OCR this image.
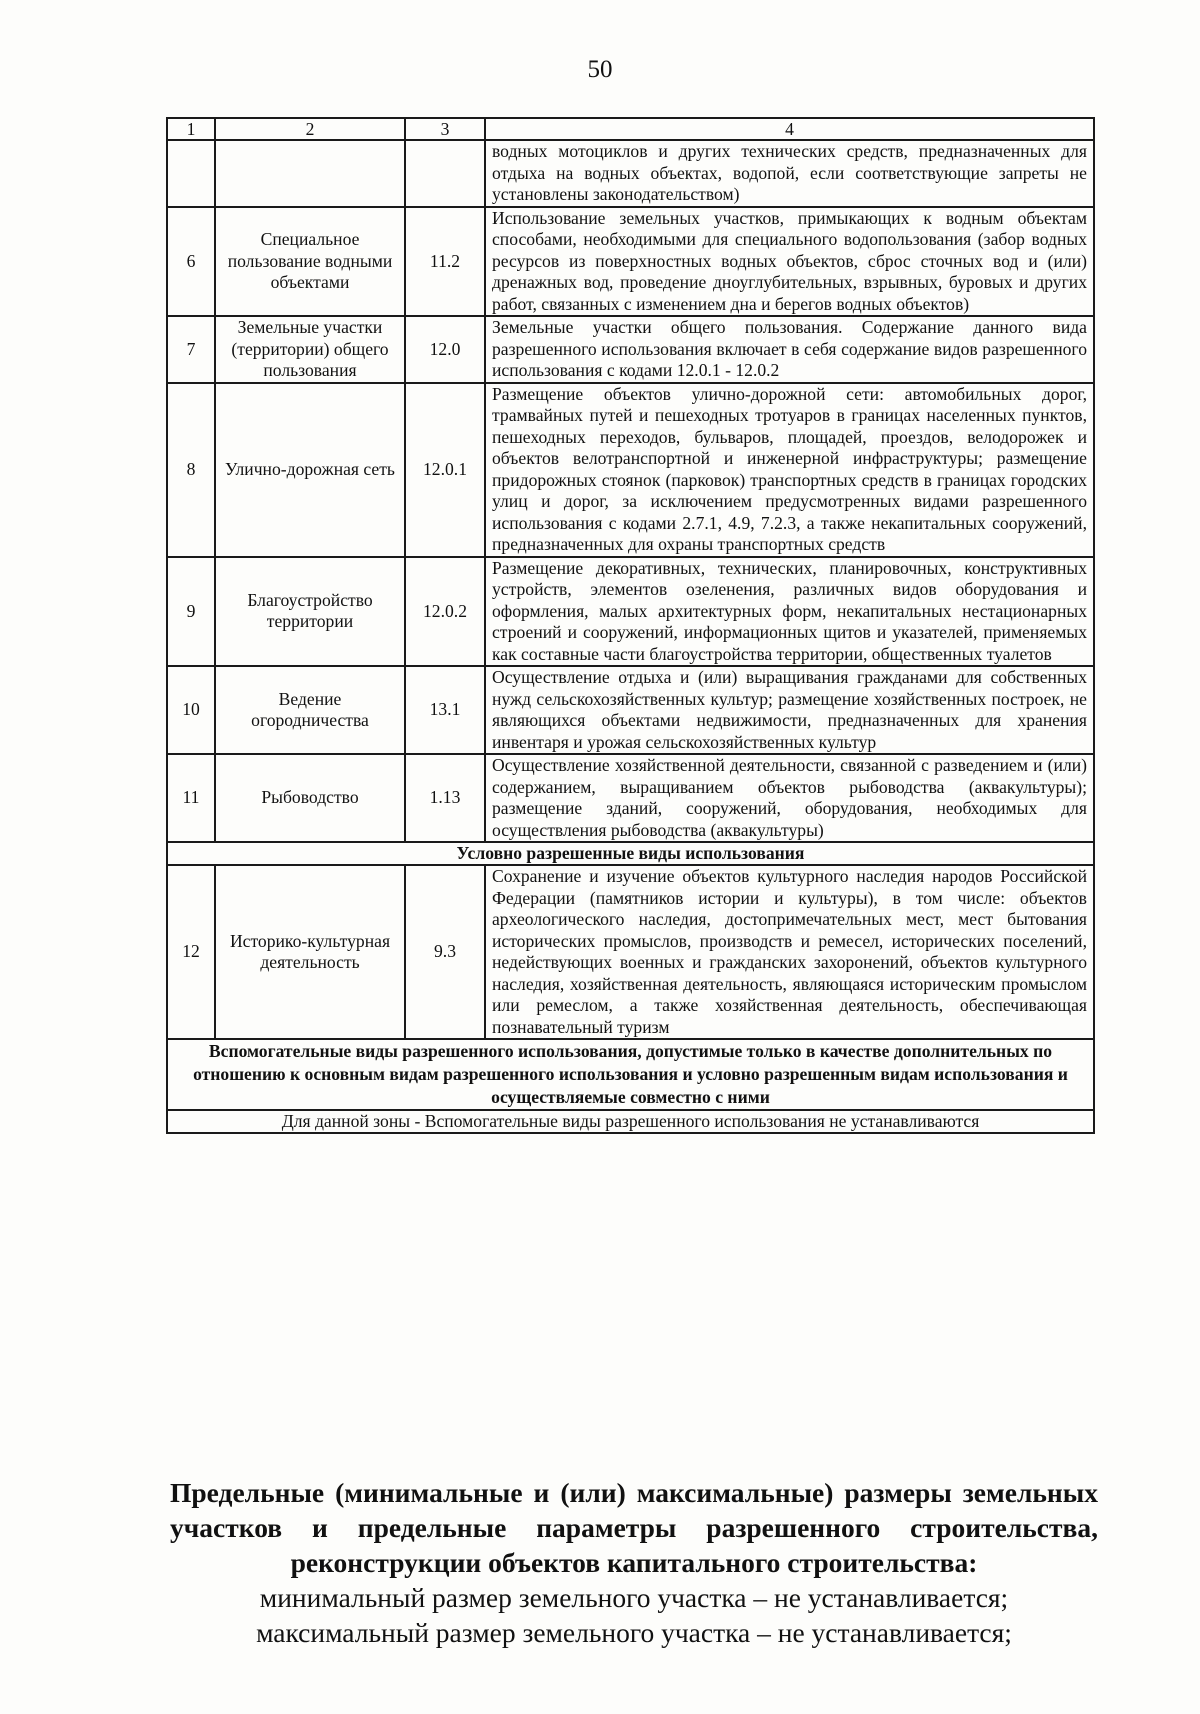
50
1	2	3	4
			водных мотоциклов и других технических средств, предназначенных для отдыха на водных объектах, водопой, если соответствующие запреты не установлены законодательством)
6	Специальное пользование водными объектами	11.2	Использование земельных участков, примыкающих к водным объектам способами, необходимыми для специального водопользования (забор водных ресурсов из поверхностных водных объектов, сброс сточных вод и (или) дренажных вод, проведение дноуглубительных, взрывных, буровых и других работ, связанных с изменением дна и берегов водных объектов)
7	Земельные участки (территории) общего пользования	12.0	Земельные участки общего пользования. Содержание данного вида разрешенного использования включает в себя содержание видов разрешенного использования с кодами 12.0.1 - 12.0.2
8	Улично-дорожная сеть	12.0.1	Размещение объектов улично-дорожной сети: автомобильных дорог, трамвайных путей и пешеходных тротуаров в границах населенных пунктов, пешеходных переходов, бульваров, площадей, проездов, велодорожек и объектов велотранспортной и инженерной инфраструктуры; размещение придорожных стоянок (парковок) транспортных средств в границах городских улиц и дорог, за исключением предусмотренных видами разрешенного использования с кодами 2.7.1, 4.9, 7.2.3, а также некапитальных сооружений, предназначенных для охраны транспортных средств
9	Благоустройство территории	12.0.2	Размещение декоративных, технических, планировочных, конструктивных устройств, элементов озеленения, различных видов оборудования и оформления, малых архитектурных форм, некапитальных нестационарных строений и сооружений, информационных щитов и указателей, применяемых как составные части благоустройства территории, общественных туалетов
10	Ведение огородничества	13.1	Осуществление отдыха и (или) выращивания гражданами для собственных нужд сельскохозяйственных культур; размещение хозяйственных построек, не являющихся объектами недвижимости, предназначенных для хранения инвентаря и урожая сельскохозяйственных культур
11	Рыбоводство	1.13	Осуществление хозяйственной деятельности, связанной с разведением и (или) содержанием, выращиванием объектов рыбоводства (аквакультуры); размещение зданий, сооружений, оборудования, необходимых для осуществления рыбоводства (аквакультуры)
Условно разрешенные виды использования			
12	Историко-культурная деятельность	9.3	Сохранение и изучение объектов культурного наследия народов Российской Федерации (памятников истории и культуры), в том числе: объектов археологического наследия, достопримечательных мест, мест бытования исторических промыслов, производств и ремесел, исторических поселений, недействующих военных и гражданских захоронений, объектов культурного наследия, хозяйственная деятельность, являющаяся историческим промыслом или ремеслом, а также хозяйственная деятельность, обеспечивающая познавательный туризм
Вспомогательные виды разрешенного использования, допустимые только в качестве дополнительных по отношению к основным видам разрешенного использования и условно разрешенным видам использования и осуществляемые совместно с ними			
Для данной зоны - Вспомогательные виды разрешенного использования не устанавливаются			
Предельные (минимальные и (или) максимальные) размеры земельных участков и предельные параметры разрешенного строительства, реконструкции объектов капитального строительства:
минимальный размер земельного участка – не устанавливается;
максимальный размер земельного участка – не устанавливается;
